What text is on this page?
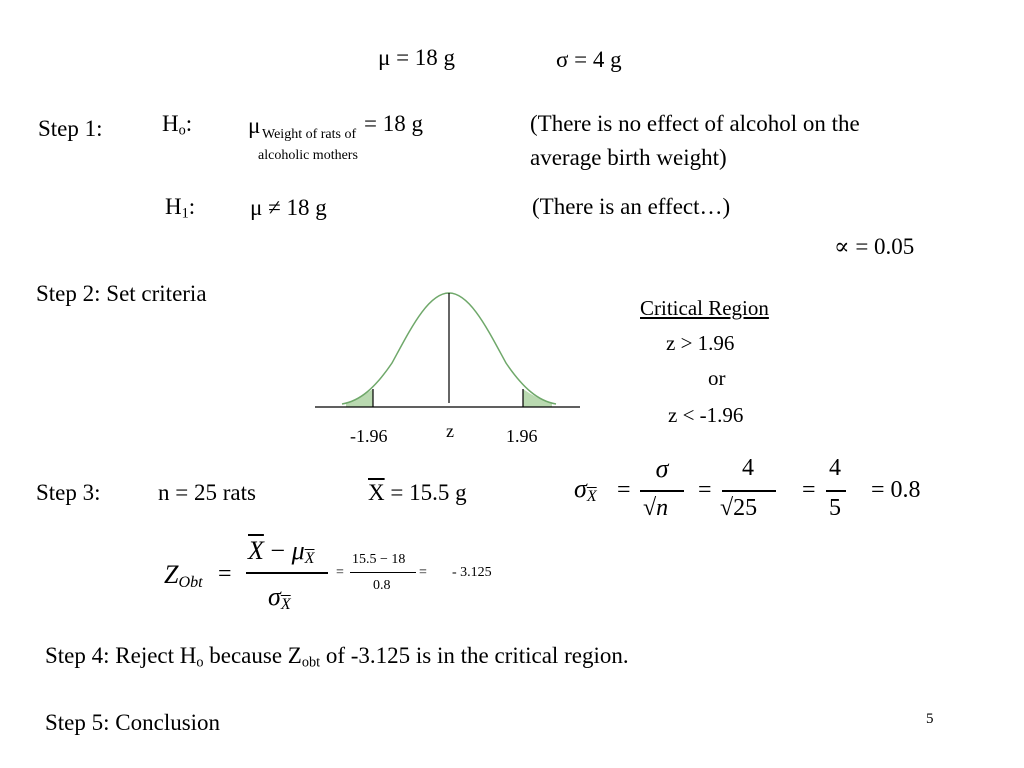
μ = 18 g	σ = 4 g
Step 1:	$H_o$: μ Weight of rats of
alcoholic mothers
= 18 g	(There is no effect of alcohol on the
average birth weight)
$H_1$: μ ≠ 18 g	(There is an effect…)
∝ = 0.05
Step 2: Set criteria
-1.96	z	1.96
Critical Region
z > 1.96
or
z < -1.96
Step 3: n = 25 rats	$\overline{X} = 15.5$ g	$\sigma_{\overline{X}}$ =
σ
√n
=
4
√25
=
4
5
= 0.8
$Z_{Obt}$ =
$\overline{X} - \mu_{\overline{X}}$
$\sigma_{\overline{X}}$
=
15.5 − 18
0.8
= - 3.125
Step 4: Reject $H_o$ because $Z_{obt}$ of -3.125 is in the critical region.
Step 5: Conclusion	5
